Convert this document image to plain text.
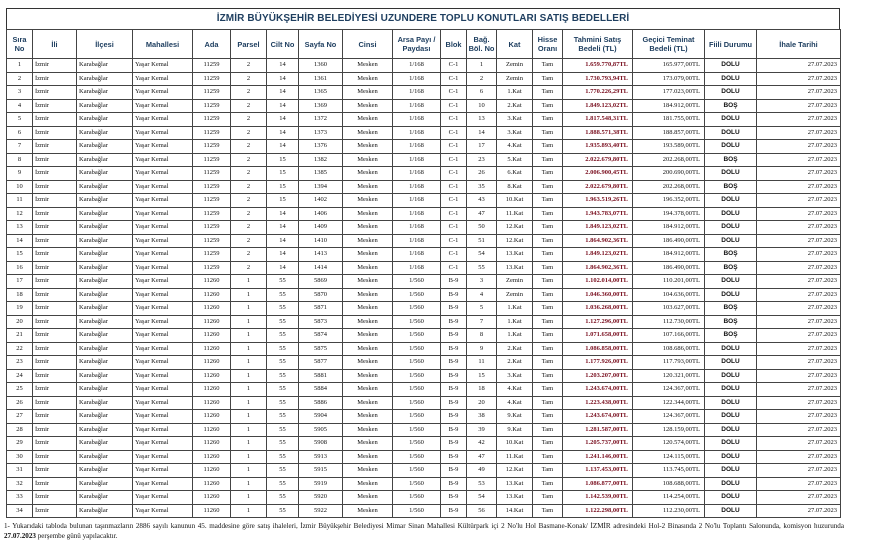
İZMİR BÜYÜKŞEHİR BELEDİYESİ UZUNDERE TOPLU KONUTLARI SATIŞ BEDELLERİ
Sıra No	İli	İlçesi	Mahallesi	Ada	Parsel	Cilt No	Sayfa No	Cinsi	Arsa Payı / Paydası	Blok	Bağ. Böl. No	Kat	Hisse Oranı	Tahmini Satış Bedeli (TL)	Geçici Teminat Bedeli (TL)	Fiili Durumu	İhale Tarihi
1	İzmir	Karabağlar	Yaşar Kemal	11259	2	14	1360	Mesken	1/168	C-1	1	Zemin	Tam	1.659.770,87TL	165.977,00TL	DOLU	27.07.2023
2	İzmir	Karabağlar	Yaşar Kemal	11259	2	14	1361	Mesken	1/168	C-1	2	Zemin	Tam	1.730.793,94TL	173.079,00TL	DOLU	27.07.2023
3	İzmir	Karabağlar	Yaşar Kemal	11259	2	14	1365	Mesken	1/168	C-1	6	1.Kat	Tam	1.770.226,29TL	177.023,00TL	DOLU	27.07.2023
4	İzmir	Karabağlar	Yaşar Kemal	11259	2	14	1369	Mesken	1/168	C-1	10	2.Kat	Tam	1.849.123,02TL	184.912,00TL	BOŞ	27.07.2023
5	İzmir	Karabağlar	Yaşar Kemal	11259	2	14	1372	Mesken	1/168	C-1	13	3.Kat	Tam	1.817.548,31TL	181.755,00TL	DOLU	27.07.2023
6	İzmir	Karabağlar	Yaşar Kemal	11259	2	14	1373	Mesken	1/168	C-1	14	3.Kat	Tam	1.888.571,38TL	188.857,00TL	DOLU	27.07.2023
7	İzmir	Karabağlar	Yaşar Kemal	11259	2	14	1376	Mesken	1/168	C-1	17	4.Kat	Tam	1.935.893,40TL	193.589,00TL	DOLU	27.07.2023
8	İzmir	Karabağlar	Yaşar Kemal	11259	2	15	1382	Mesken	1/168	C-1	23	5.Kat	Tam	2.022.679,80TL	202.268,00TL	BOŞ	27.07.2023
9	İzmir	Karabağlar	Yaşar Kemal	11259	2	15	1385	Mesken	1/168	C-1	26	6.Kat	Tam	2.006.900,45TL	200.690,00TL	DOLU	27.07.2023
10	İzmir	Karabağlar	Yaşar Kemal	11259	2	15	1394	Mesken	1/168	C-1	35	8.Kat	Tam	2.022.679,80TL	202.268,00TL	BOŞ	27.07.2023
11	İzmir	Karabağlar	Yaşar Kemal	11259	2	15	1402	Mesken	1/168	C-1	43	10.Kat	Tam	1.963.519,26TL	196.352,00TL	DOLU	27.07.2023
12	İzmir	Karabağlar	Yaşar Kemal	11259	2	14	1406	Mesken	1/168	C-1	47	11.Kat	Tam	1.943.783,07TL	194.378,00TL	DOLU	27.07.2023
13	İzmir	Karabağlar	Yaşar Kemal	11259	2	14	1409	Mesken	1/168	C-1	50	12.Kat	Tam	1.849.123,02TL	184.912,00TL	DOLU	27.07.2023
14	İzmir	Karabağlar	Yaşar Kemal	11259	2	14	1410	Mesken	1/168	C-1	51	12.Kat	Tam	1.864.902,36TL	186.490,00TL	DOLU	27.07.2023
15	İzmir	Karabağlar	Yaşar Kemal	11259	2	14	1413	Mesken	1/168	C-1	54	13.Kat	Tam	1.849.123,02TL	184.912,00TL	BOŞ	27.07.2023
16	İzmir	Karabağlar	Yaşar Kemal	11259	2	14	1414	Mesken	1/168	C-1	55	13.Kat	Tam	1.864.902,36TL	186.490,00TL	BOŞ	27.07.2023
17	İzmir	Karabağlar	Yaşar Kemal	11260	1	55	5869	Mesken	1/560	B-9	3	Zemin	Tam	1.102.014,00TL	110.201,00TL	DOLU	27.07.2023
18	İzmir	Karabağlar	Yaşar Kemal	11260	1	55	5870	Mesken	1/560	B-9	4	Zemin	Tam	1.046.360,00TL	104.636,00TL	DOLU	27.07.2023
19	İzmir	Karabağlar	Yaşar Kemal	11260	1	55	5871	Mesken	1/560	B-9	5	1.Kat	Tam	1.036.268,00TL	103.627,00TL	BOŞ	27.07.2023
20	İzmir	Karabağlar	Yaşar Kemal	11260	1	55	5873	Mesken	1/560	B-9	7	1.Kat	Tam	1.127.296,00TL	112.730,00TL	BOŞ	27.07.2023
21	İzmir	Karabağlar	Yaşar Kemal	11260	1	55	5874	Mesken	1/560	B-9	8	1.Kat	Tam	1.071.658,00TL	107.166,00TL	BOŞ	27.07.2023
22	İzmir	Karabağlar	Yaşar Kemal	11260	1	55	5875	Mesken	1/560	B-9	9	2.Kat	Tam	1.086.858,00TL	108.686,00TL	DOLU	27.07.2023
23	İzmir	Karabağlar	Yaşar Kemal	11260	1	55	5877	Mesken	1/560	B-9	11	2.Kat	Tam	1.177.926,00TL	117.793,00TL	DOLU	27.07.2023
24	İzmir	Karabağlar	Yaşar Kemal	11260	1	55	5881	Mesken	1/560	B-9	15	3.Kat	Tam	1.203.207,00TL	120.321,00TL	DOLU	27.07.2023
25	İzmir	Karabağlar	Yaşar Kemal	11260	1	55	5884	Mesken	1/560	B-9	18	4.Kat	Tam	1.243.674,00TL	124.367,00TL	DOLU	27.07.2023
26	İzmir	Karabağlar	Yaşar Kemal	11260	1	55	5886	Mesken	1/560	B-9	20	4.Kat	Tam	1.223.438,00TL	122.344,00TL	DOLU	27.07.2023
27	İzmir	Karabağlar	Yaşar Kemal	11260	1	55	5904	Mesken	1/560	B-9	38	9.Kat	Tam	1.243.674,00TL	124.367,00TL	DOLU	27.07.2023
28	İzmir	Karabağlar	Yaşar Kemal	11260	1	55	5905	Mesken	1/560	B-9	39	9.Kat	Tam	1.281.587,00TL	128.159,00TL	DOLU	27.07.2023
29	İzmir	Karabağlar	Yaşar Kemal	11260	1	55	5908	Mesken	1/560	B-9	42	10.Kat	Tam	1.205.737,00TL	120.574,00TL	DOLU	27.07.2023
30	İzmir	Karabağlar	Yaşar Kemal	11260	1	55	5913	Mesken	1/560	B-9	47	11.Kat	Tam	1.241.146,00TL	124.115,00TL	DOLU	27.07.2023
31	İzmir	Karabağlar	Yaşar Kemal	11260	1	55	5915	Mesken	1/560	B-9	49	12.Kat	Tam	1.137.453,00TL	113.745,00TL	DOLU	27.07.2023
32	İzmir	Karabağlar	Yaşar Kemal	11260	1	55	5919	Mesken	1/560	B-9	53	13.Kat	Tam	1.086.877,00TL	108.688,00TL	DOLU	27.07.2023
33	İzmir	Karabağlar	Yaşar Kemal	11260	1	55	5920	Mesken	1/560	B-9	54	13.Kat	Tam	1.142.539,00TL	114.254,00TL	DOLU	27.07.2023
34	İzmir	Karabağlar	Yaşar Kemal	11260	1	55	5922	Mesken	1/560	B-9	56	14.Kat	Tam	1.122.298,00TL	112.230,00TL	DOLU	27.07.2023
1- Yukarıdaki tabloda bulunan taşınmazların 2886 sayılı kanunun 45. maddesine göre satış ihaleleri, İzmir Büyükşehir Belediyesi Mimar Sinan Mahallesi Kültürpark içi 2 No'lu Hol Basmane-Konak/ İZMİR adresindeki Hol-2 Binasında 2 No'lu Toplantı Salonunda, komisyon huzurunda 27.07.2023 perşembe günü yapılacaktır.
